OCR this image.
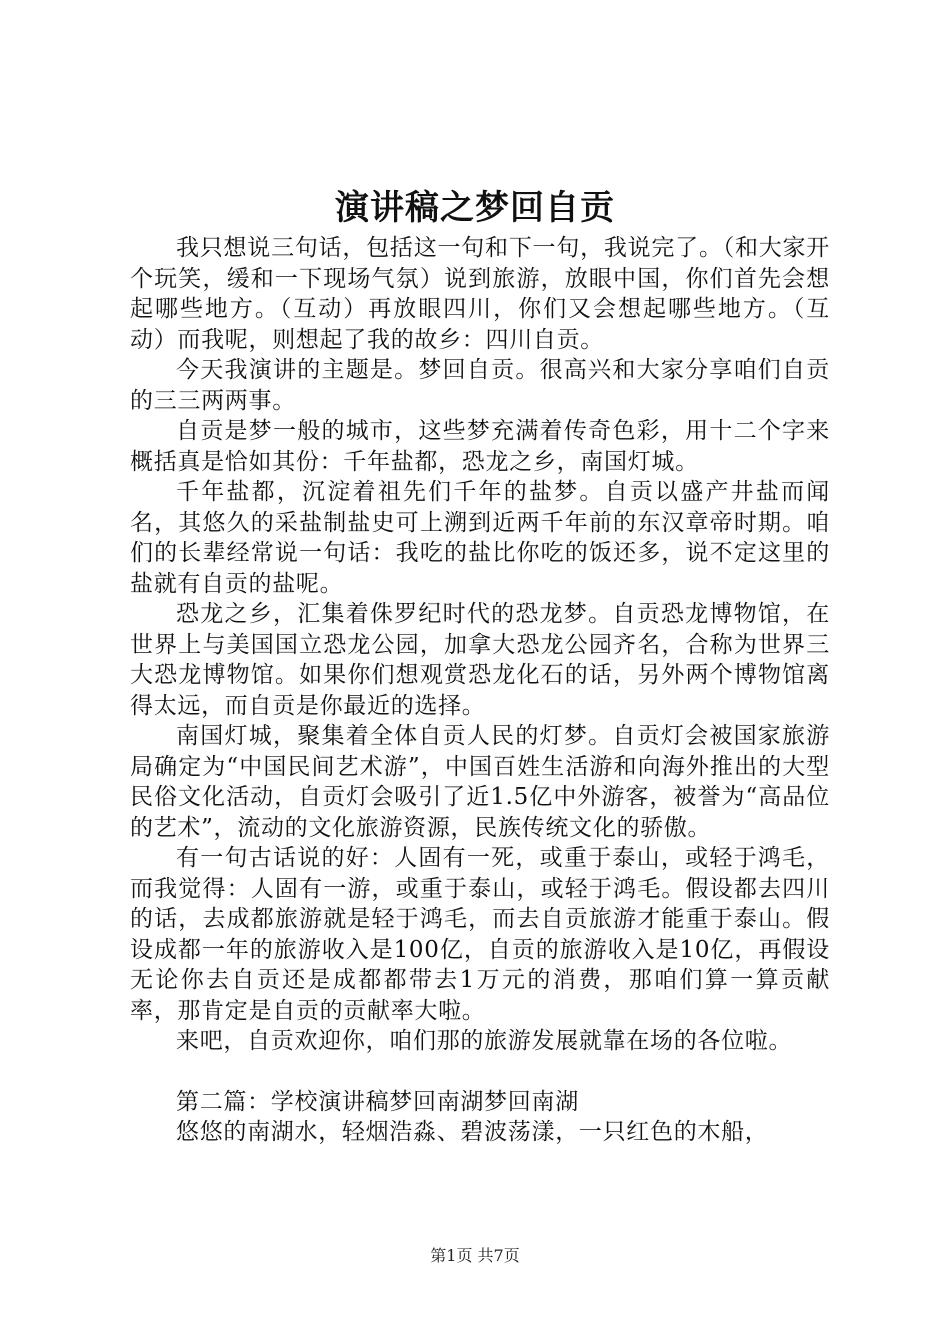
演讲稿之梦回自贡

我只想说三句话，包括这一句和下一句，我说完了。（和大家开个玩笑，缓和一下现场气氛）说到旅游，放眼中国，你们首先会想起哪些地方。（互动）再放眼四川，你们又会想起哪些地方。（互动）而我呢，则想起了我的故乡：四川自贡。

今天我演讲的主题是。梦回自贡。很高兴和大家分享咱们自贡的三三两两事。

自贡是梦一般的城市，这些梦充满着传奇色彩，用十二个字来概括真是恰如其份：千年盐都，恐龙之乡，南国灯城。

千年盐都，沉淀着祖先们千年的盐梦。自贡以盛产井盐而闻名，其悠久的采盐制盐史可上溯到近两千年前的东汉章帝时期。咱们的长辈经常说一句话：我吃的盐比你吃的饭还多，说不定这里的盐就有自贡的盐呢。

恐龙之乡，汇集着侏罗纪时代的恐龙梦。自贡恐龙博物馆，在世界上与美国国立恐龙公园，加拿大恐龙公园齐名，合称为世界三大恐龙博物馆。如果你们想观赏恐龙化石的话，另外两个博物馆离得太远，而自贡是你最近的选择。

南国灯城，聚集着全体自贡人民的灯梦。自贡灯会被国家旅游局确定为“中国民间艺术游”，中国百姓生活游和向海外推出的大型民俗文化活动，自贡灯会吸引了近1.5亿中外游客，被誉为“高品位的艺术”，流动的文化旅游资源，民族传统文化的骄傲。

有一句古话说的好：人固有一死，或重于泰山，或轻于鸿毛，而我觉得：人固有一游，或重于泰山，或轻于鸿毛。假设都去四川的话，去成都旅游就是轻于鸿毛，而去自贡旅游才能重于泰山。假设成都一年的旅游收入是100亿，自贡的旅游收入是10亿，再假设无论你去自贡还是成都都带去1万元的消费，那咱们算一算贡献率，那肯定是自贡的贡献率大啦。

来吧，自贡欢迎你，咱们那的旅游发展就靠在场的各位啦。

第二篇：学校演讲稿梦回南湖梦回南湖

悠悠的南湖水，轻烟浩淼、碧波荡漾，一只红色的木船，

第1页 共7页
